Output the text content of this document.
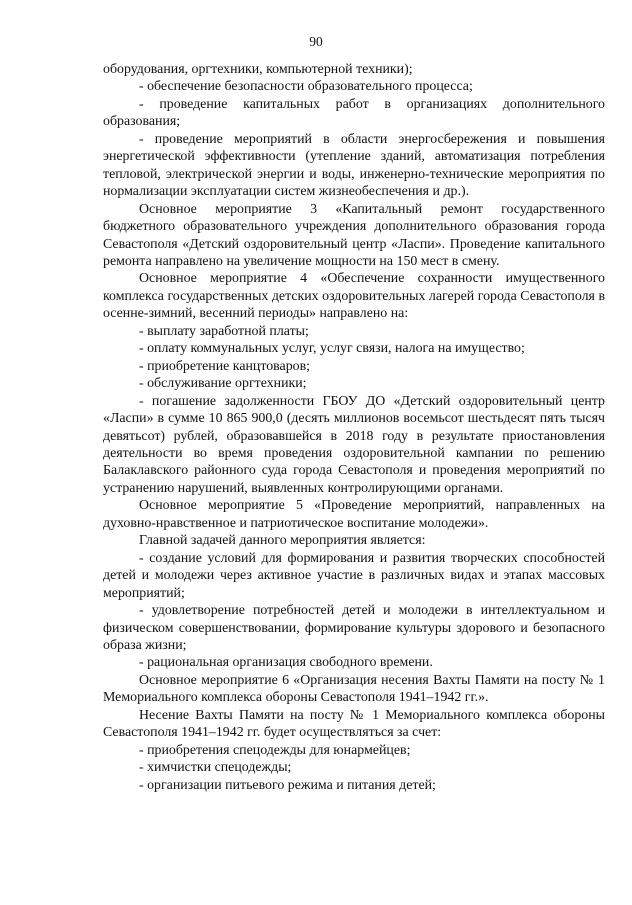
90

оборудования, оргтехники, компьютерной техники);

- обеспечение безопасности образовательного процесса;

- проведение капитальных работ в организациях дополнительного образования;

- проведение мероприятий в области энергосбережения и повышения энергетической эффективности (утепление зданий, автоматизация потребления тепловой, электрической энергии и воды, инженерно-технические мероприятия по нормализации эксплуатации систем жизнеобеспечения и др.).

Основное мероприятие 3 «Капитальный ремонт государственного бюджетного образовательного учреждения дополнительного образования города Севастополя «Детский оздоровительный центр «Ласпи». Проведение капитального ремонта направлено на увеличение мощности на 150 мест в смену.

Основное мероприятие 4 «Обеспечение сохранности имущественного комплекса государственных детских оздоровительных лагерей города Севастополя в осенне-зимний, весенний периоды» направлено на:

- выплату заработной платы;

- оплату коммунальных услуг, услуг связи, налога на имущество;

- приобретение канцтоваров;

- обслуживание оргтехники;

- погашение задолженности ГБОУ ДО «Детский оздоровительный центр «Ласпи» в сумме 10 865 900,0 (десять миллионов восемьсот шестьдесят пять тысяч девятьсот) рублей, образовавшейся в 2018 году в результате приостановления деятельности во время проведения оздоровительной кампании по решению Балаклавского районного суда города Севастополя и проведения мероприятий по устранению нарушений, выявленных контролирующими органами.

Основное мероприятие 5 «Проведение мероприятий, направленных на духовно-нравственное и патриотическое воспитание молодежи».

Главной задачей данного мероприятия является:

- создание условий для формирования и развития творческих способностей детей и молодежи через активное участие в различных видах и этапах массовых мероприятий;

- удовлетворение потребностей детей и молодежи в интеллектуальном и физическом совершенствовании, формирование культуры здорового и безопасного образа жизни;

- рациональная организация свободного времени.

Основное мероприятие 6 «Организация несения Вахты Памяти на посту № 1 Мемориального комплекса обороны Севастополя 1941–1942 гг.».

Несение Вахты Памяти на посту № 1 Мемориального комплекса обороны Севастополя 1941–1942 гг. будет осуществляться за счет:

- приобретения спецодежды для юнармейцев;

- химчистки спецодежды;

- организации питьевого режима и питания детей;
